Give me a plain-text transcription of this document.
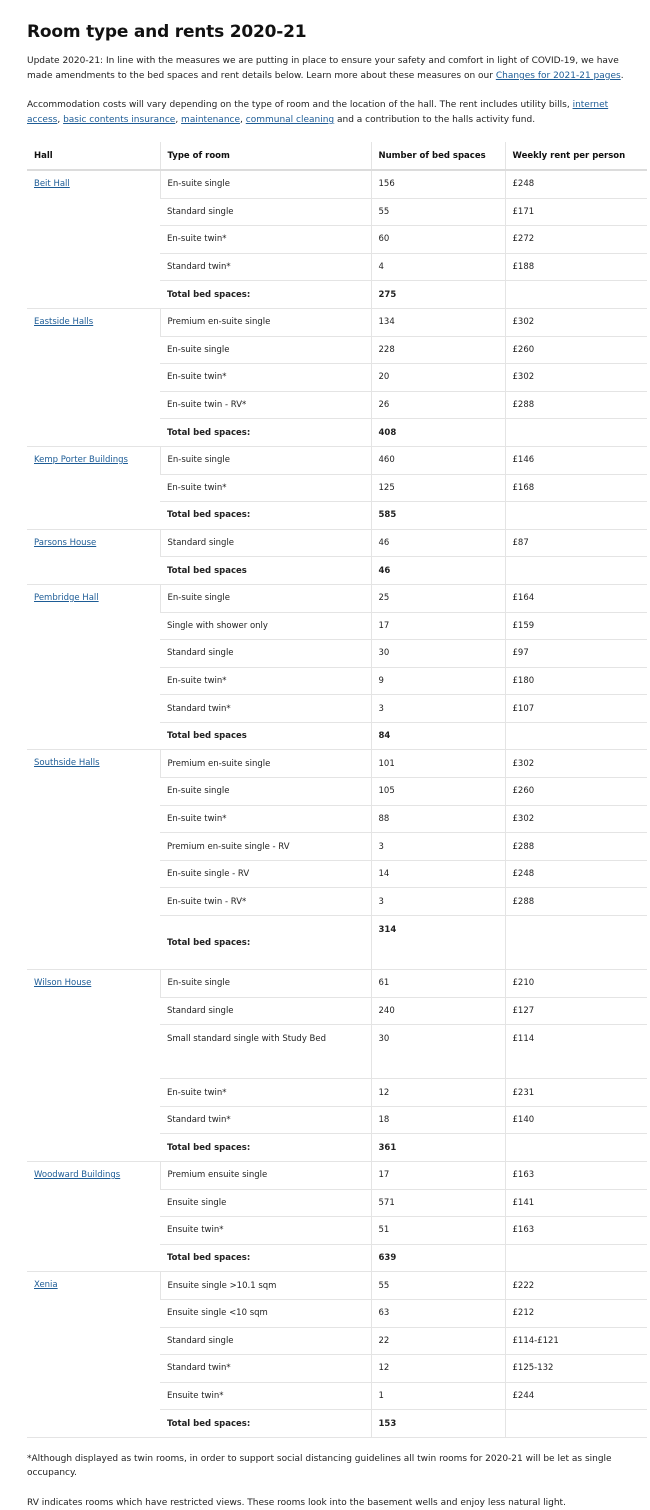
Room type and rents 2020-21

Update 2020-21: In line with the measures we are putting in place to ensure your safety and comfort in light of COVID-19, we have made amendments to the bed spaces and rent details below. Learn more about these measures on our Changes for 2021-21 pages.

Accommodation costs will vary depending on the type of room and the location of the hall. The rent includes utility bills, internet access, basic contents insurance, maintenance, communal cleaning and a contribution to the halls activity fund.

Hall	Type of room	Number of bed spaces	Weekly rent per person
Beit Hall	En-suite single	156	£248
	Standard single	55	£171
	En-suite twin*	60	£272
	Standard twin*	4	£188
	Total bed spaces:	275	
Eastside Halls	Premium en-suite single	134	£302
	En-suite single	228	£260
	En-suite twin*	20	£302
	En-suite twin - RV*	26	£288
	Total bed spaces:	408	
Kemp Porter Buildings	En-suite single	460	£146
	En-suite twin*	125	£168
	Total bed spaces:	585	
Parsons House	Standard single	46	£87
	Total bed spaces	46	
Pembridge Hall	En-suite single	25	£164
	Single with shower only	17	£159
	Standard single	30	£97
	En-suite twin*	9	£180
	Standard twin*	3	£107
	Total bed spaces	84	
Southside Halls	Premium en-suite single	101	£302
	En-suite single	105	£260
	En-suite twin*	88	£302
	Premium en-suite single - RV	3	£288
	En-suite single - RV	14	£248
	En-suite twin - RV*	3	£288
	Total bed spaces:	314	
Wilson House	En-suite single	61	£210
	Standard single	240	£127
	Small standard single with Study Bed	30	£114
	En-suite twin*	12	£231
	Standard twin*	18	£140
	Total bed spaces:	361	
Woodward Buildings	Premium ensuite single	17	£163
	Ensuite single	571	£141
	Ensuite twin*	51	£163
	Total bed spaces:	639	
Xenia	Ensuite single >10.1 sqm	55	£222
	Ensuite single <10 sqm	63	£212
	Standard single	22	£114-£121
	Standard twin*	12	£125-132
	Ensuite twin*	1	£244
	Total bed spaces:	153	

*Although displayed as twin rooms, in order to support social distancing guidelines all twin rooms for 2020-21 will be let as single occupancy.

RV indicates rooms which have restricted views. These rooms look into the basement wells and enjoy less natural light.
